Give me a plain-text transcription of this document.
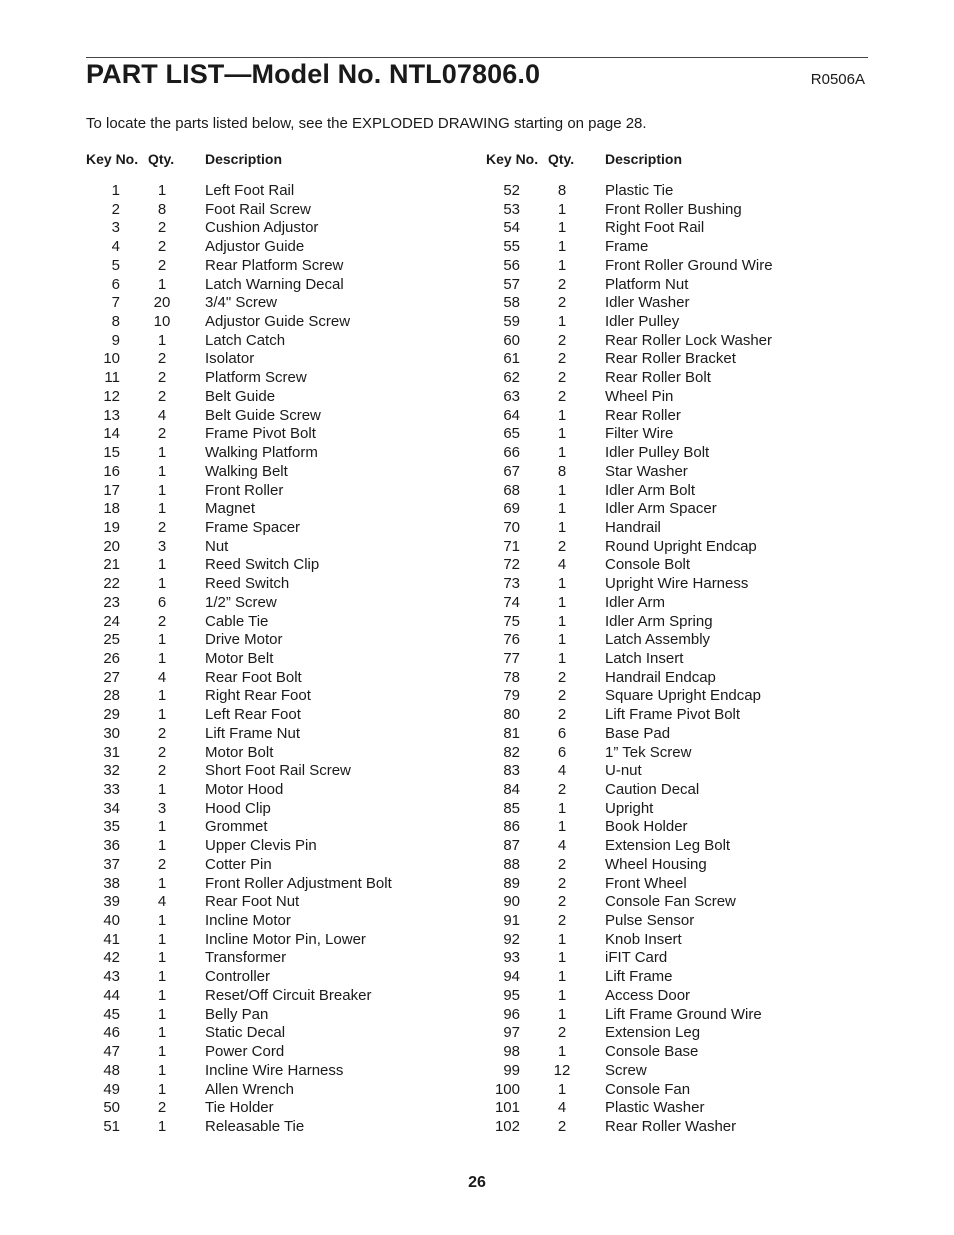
PART LIST—Model No. NTL07806.0	R0506A
To locate the parts listed below, see the EXPLODED DRAWING starting on page 28.
Key No. Qty. Description
1	1	Left Foot Rail
2	8	Foot Rail Screw
3	2	Cushion Adjustor
4	2	Adjustor Guide
5	2	Rear Platform Screw
6	1	Latch Warning Decal
7	20	3/4" Screw
8	10	Adjustor Guide Screw
9	1	Latch Catch
10	2	Isolator
11	2	Platform Screw
12	2	Belt Guide
13	4	Belt Guide Screw
14	2	Frame Pivot Bolt
15	1	Walking Platform
16	1	Walking Belt
17	1	Front Roller
18	1	Magnet
19	2	Frame Spacer
20	3	Nut
21	1	Reed Switch Clip
22	1	Reed Switch
23	6	1/2” Screw
24	2	Cable Tie
25	1	Drive Motor
26	1	Motor Belt
27	4	Rear Foot Bolt
28	1	Right Rear Foot
29	1	Left Rear Foot
30	2	Lift Frame Nut
31	2	Motor Bolt
32	2	Short Foot Rail Screw
33	1	Motor Hood
34	3	Hood Clip
35	1	Grommet
36	1	Upper Clevis Pin
37	2	Cotter Pin
38	1	Front Roller Adjustment Bolt
39	4	Rear Foot Nut
40	1	Incline Motor
41	1	Incline Motor Pin, Lower
42	1	Transformer
43	1	Controller
44	1	Reset/Off Circuit Breaker
45	1	Belly Pan
46	1	Static Decal
47	1	Power Cord
48	1	Incline Wire Harness
49	1	Allen Wrench
50	2	Tie Holder
51	1	Releasable Tie
Key No. Qty. Description
52	8	Plastic Tie
53	1	Front Roller Bushing
54	1	Right Foot Rail
55	1	Frame
56	1	Front Roller Ground Wire
57	2	Platform Nut
58	2	Idler Washer
59	1	Idler Pulley
60	2	Rear Roller Lock Washer
61	2	Rear Roller Bracket
62	2	Rear Roller Bolt
63	2	Wheel Pin
64	1	Rear Roller
65	1	Filter Wire
66	1	Idler Pulley Bolt
67	8	Star Washer
68	1	Idler Arm Bolt
69	1	Idler Arm Spacer
70	1	Handrail
71	2	Round Upright Endcap
72	4	Console Bolt
73	1	Upright Wire Harness
74	1	Idler Arm
75	1	Idler Arm Spring
76	1	Latch Assembly
77	1	Latch Insert
78	2	Handrail Endcap
79	2	Square Upright Endcap
80	2	Lift Frame Pivot Bolt
81	6	Base Pad
82	6	1” Tek Screw
83	4	U-nut
84	2	Caution Decal
85	1	Upright
86	1	Book Holder
87	4	Extension Leg Bolt
88	2	Wheel Housing
89	2	Front Wheel
90	2	Console Fan Screw
91	2	Pulse Sensor
92	1	Knob Insert
93	1	iFIT Card
94	1	Lift Frame
95	1	Access Door
96	1	Lift Frame Ground Wire
97	2	Extension Leg
98	1	Console Base
99	12	Screw
100	1	Console Fan
101	4	Plastic Washer
102	2	Rear Roller Washer
26
